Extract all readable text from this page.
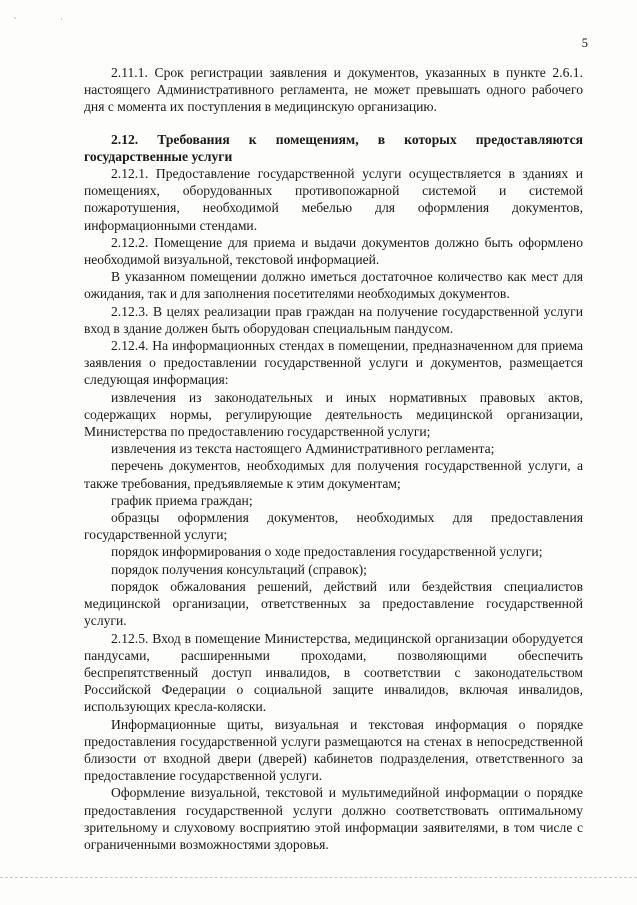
˛	·
5

2.11.1. Срок регистрации заявления и документов, указанных в пункте 2.6.1. настоящего Административного регламента, не может превышать одного рабочего дня с момента их поступления в медицинскую организацию.

2.12. Требования к помещениям, в которых предоставляются государственные услуги

2.12.1. Предоставление государственной услуги осуществляется в зданиях и помещениях, оборудованных противопожарной системой и системой пожаротушения, необходимой мебелью для оформления документов, информационными стендами.

2.12.2. Помещение для приема и выдачи документов должно быть оформлено необходимой визуальной, текстовой информацией.

В указанном помещении должно иметься достаточное количество как мест для ожидания, так и для заполнения посетителями необходимых документов.

2.12.3. В целях реализации прав граждан на получение государственной услуги вход в здание должен быть оборудован специальным пандусом.

2.12.4. На информационных стендах в помещении, предназначенном для приема заявления о предоставлении государственной услуги и документов, размещается следующая информация:

извлечения из законодательных и иных нормативных правовых актов, содержащих нормы, регулирующие деятельность медицинской организации, Министерства по предоставлению государственной услуги;

извлечения из текста настоящего Административного регламента;

перечень документов, необходимых для получения государственной услуги, а также требования, предъявляемые к этим документам;

график приема граждан;

образцы оформления документов, необходимых для предоставления государственной услуги;

порядок информирования о ходе предоставления государственной услуги;

порядок получения консультаций (справок);

порядок обжалования решений, действий или бездействия специалистов медицинской организации, ответственных за предоставление государственной услуги.

2.12.5. Вход в помещение Министерства, медицинской организации оборудуется пандусами, расширенными проходами, позволяющими обеспечить беспрепятственный доступ инвалидов, в соответствии с законодательством Российской Федерации о социальной защите инвалидов, включая инвалидов, использующих кресла-коляски.

Информационные щиты, визуальная и текстовая информация о порядке предоставления государственной услуги размещаются на стенах в непосредственной близости от входной двери (дверей) кабинетов подразделения, ответственного за предоставление государственной услуги.

Оформление визуальной, текстовой и мультимедийной информации о порядке предоставления государственной услуги должно соответствовать оптимальному зрительному и слуховому восприятию этой информации заявителями, в том числе с ограниченными возможностями здоровья.
